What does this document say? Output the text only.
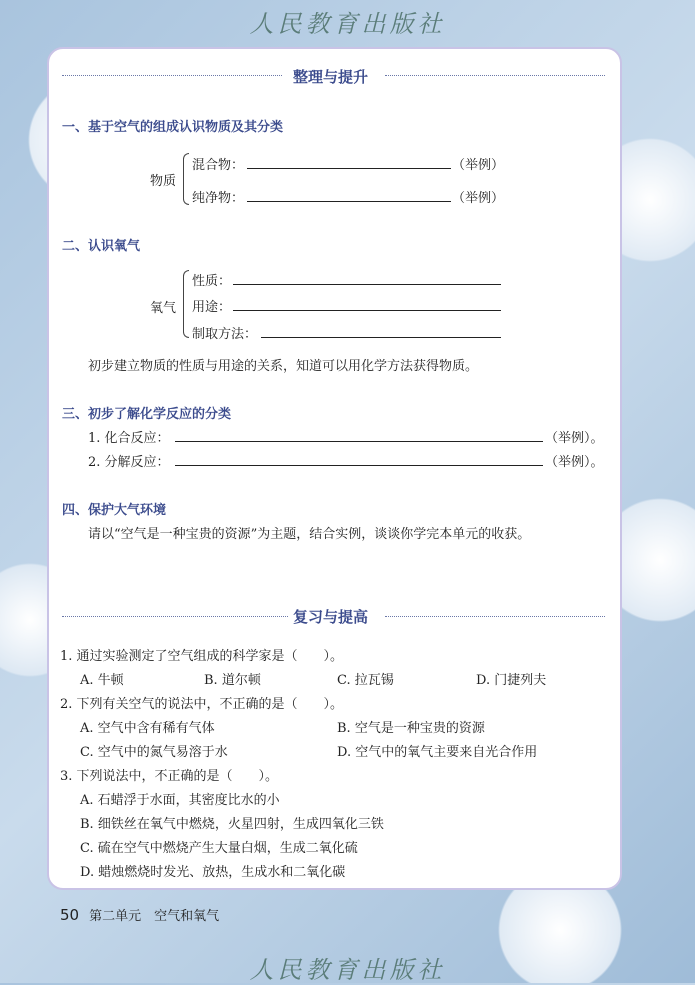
人民教育出版社
整理与提升
一、基于空气的组成认识物质及其分类
物质
混合物：	（举例）
纯净物：	（举例）
二、认识氧气
氧气
性质：
用途：
制取方法：
初步建立物质的性质与用途的关系，知道可以用化学方法获得物质。
三、初步了解化学反应的分类
1. 化合反应：	（举例）。
2. 分解反应：	（举例）。
四、保护大气环境
请以“空气是一种宝贵的资源”为主题，结合实例，谈谈你学完本单元的收获。
复习与提高
1. 通过实验测定了空气组成的科学家是（　　）。
A. 牛顿	B. 道尔顿	C. 拉瓦锡	D. 门捷列夫
2. 下列有关空气的说法中，不正确的是（　　）。
A. 空气中含有稀有气体	B. 空气是一种宝贵的资源
C. 空气中的氮气易溶于水	D. 空气中的氧气主要来自光合作用
3. 下列说法中，不正确的是（　　）。
A. 石蜡浮于水面，其密度比水的小
B. 细铁丝在氧气中燃烧，火星四射，生成四氧化三铁
C. 硫在空气中燃烧产生大量白烟，生成二氧化硫
D. 蜡烛燃烧时发光、放热，生成水和二氧化碳
50 第二单元　空气和氧气
人民教育出版社
